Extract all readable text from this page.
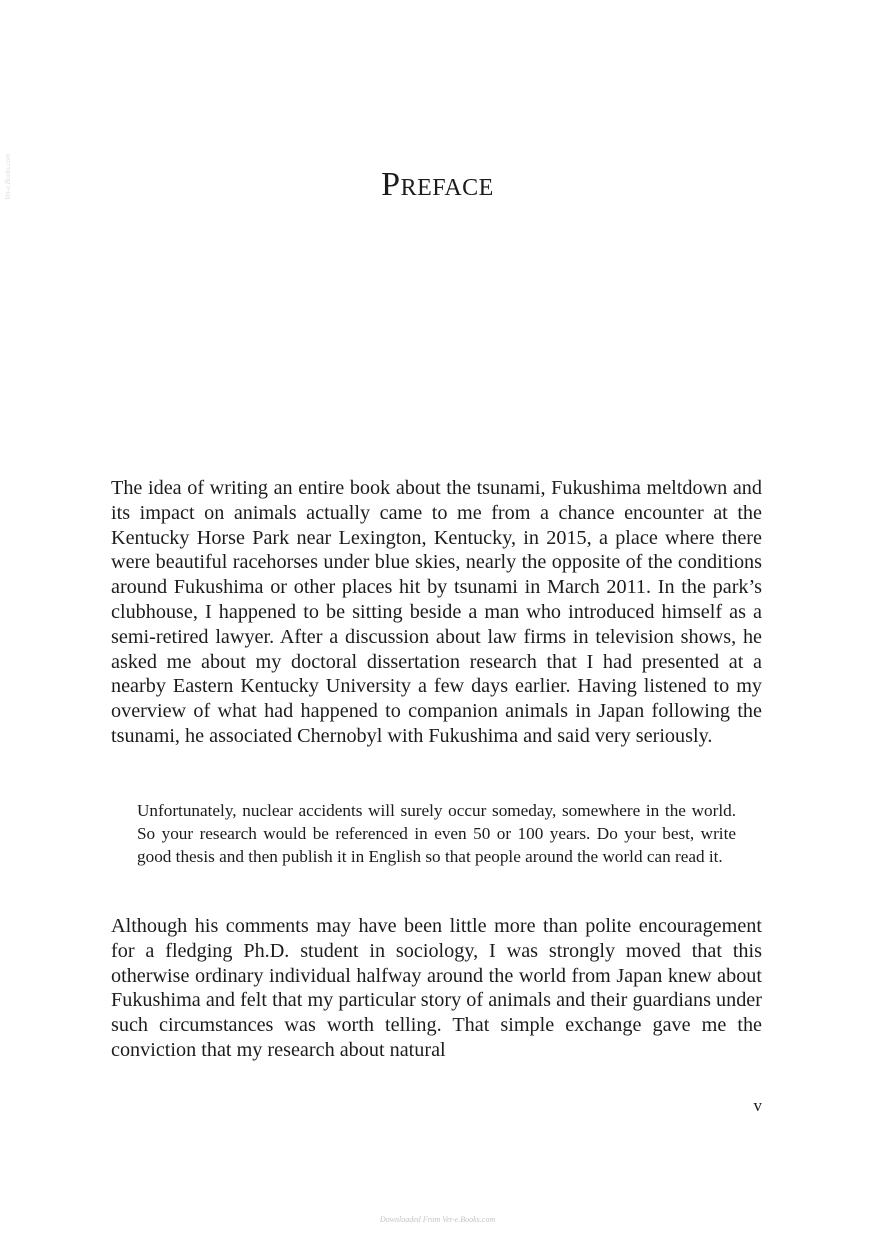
Preface

The idea of writing an entire book about the tsunami, Fukushima meltdown and its impact on animals actually came to me from a chance encounter at the Kentucky Horse Park near Lexington, Kentucky, in 2015, a place where there were beautiful racehorses under blue skies, nearly the opposite of the conditions around Fukushima or other places hit by tsunami in March 2011. In the park’s clubhouse, I happened to be sitting beside a man who introduced himself as a semi-retired lawyer. After a discussion about law firms in television shows, he asked me about my doctoral dissertation research that I had presented at a nearby Eastern Kentucky University a few days earlier. Having listened to my overview of what had happened to companion animals in Japan following the tsunami, he associated Chernobyl with Fukushima and said very seriously.

Unfortunately, nuclear accidents will surely occur someday, somewhere in the world. So your research would be referenced in even 50 or 100 years. Do your best, write good thesis and then publish it in English so that people around the world can read it.

Although his comments may have been little more than polite encouragement for a fledging Ph.D. student in sociology, I was strongly moved that this otherwise ordinary individual halfway around the world from Japan knew about Fukushima and felt that my particular story of animals and their guardians under such circumstances was worth telling. That simple exchange gave me the conviction that my research about natural

v

Downloaded From Vet-e.Books.com

Vet-e.Books.com
